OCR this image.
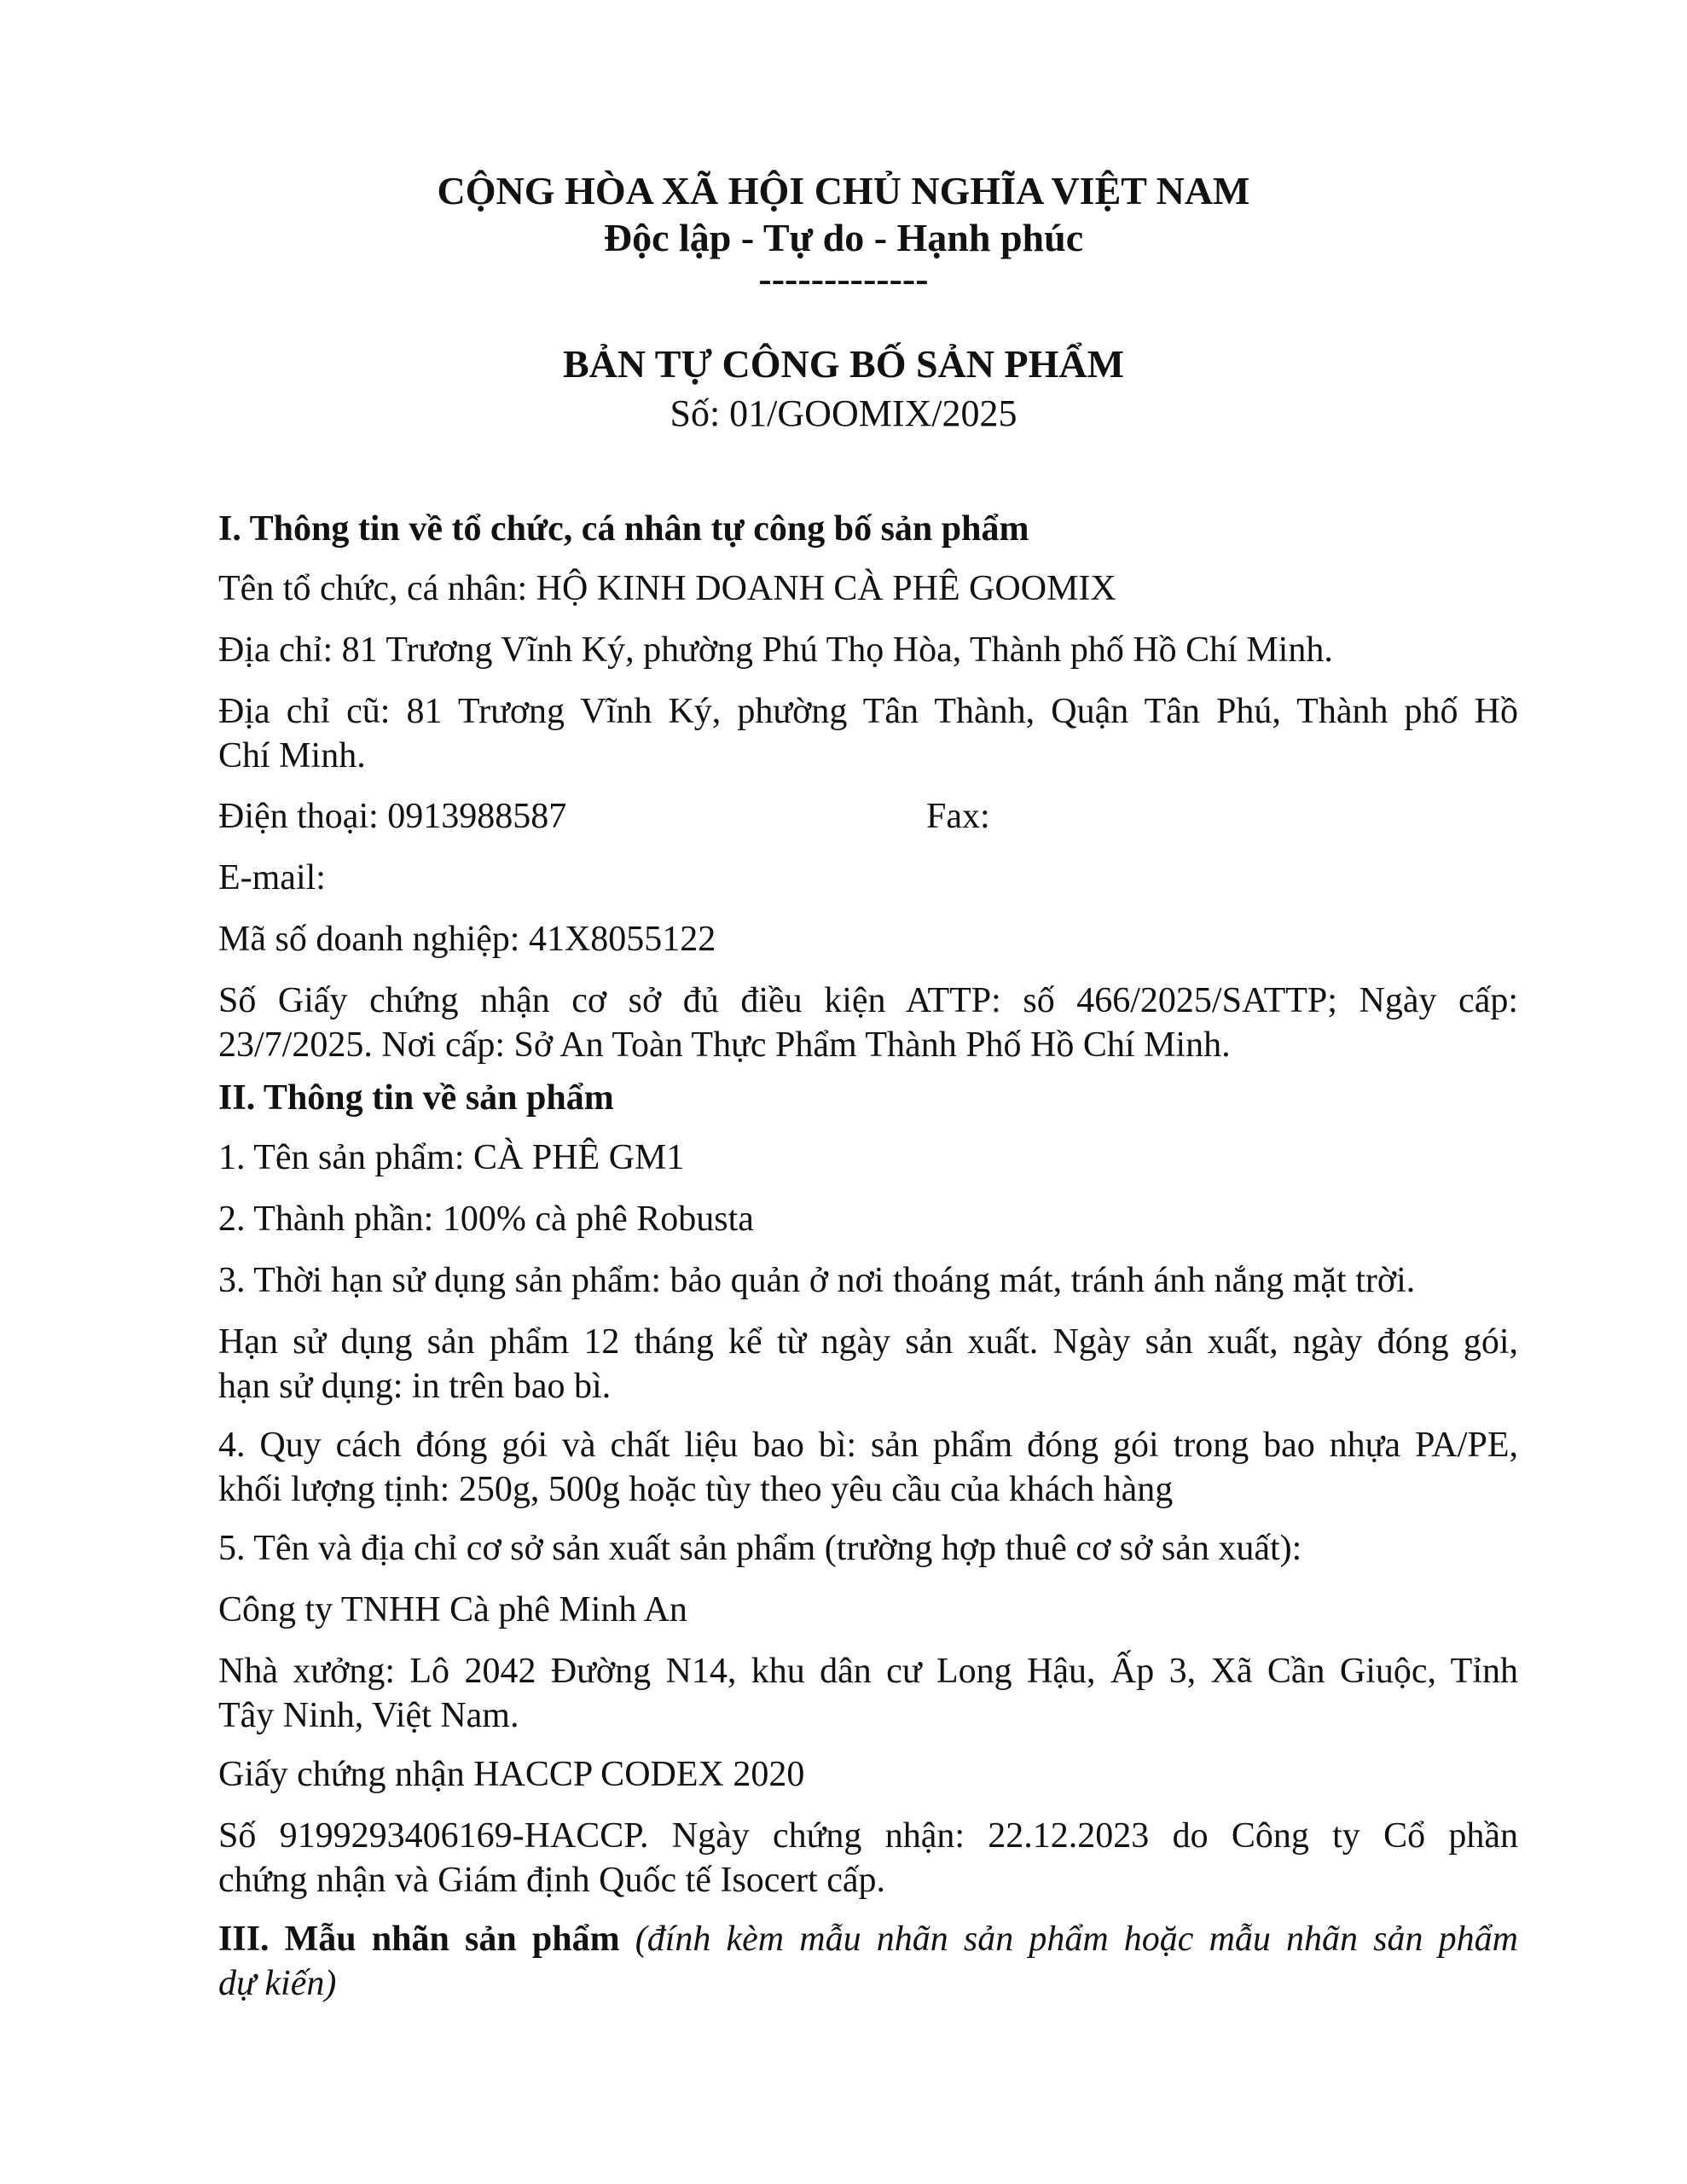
CỘNG HÒA XÃ HỘI CHỦ NGHĨA VIỆT NAM
Độc lập - Tự do - Hạnh phúc
-------------
BẢN TỰ CÔNG BỐ SẢN PHẨM
Số: 01/GOOMIX/2025
I. Thông tin về tổ chức, cá nhân tự công bố sản phẩm
Tên tổ chức, cá nhân: HỘ KINH DOANH CÀ PHÊ GOOMIX
Địa chỉ: 81 Trương Vĩnh Ký, phường Phú Thọ Hòa, Thành phố Hồ Chí Minh.
Địa chỉ cũ: 81 Trương Vĩnh Ký, phường Tân Thành, Quận Tân Phú, Thành phố Hồ
Chí Minh.
Điện thoại: 0913988587	Fax:
E-mail:
Mã số doanh nghiệp: 41X8055122
Số Giấy chứng nhận cơ sở đủ điều kiện ATTP: số 466/2025/SATTP; Ngày cấp:
23/7/2025. Nơi cấp: Sở An Toàn Thực Phẩm Thành Phố Hồ Chí Minh.
II. Thông tin về sản phẩm
1. Tên sản phẩm: CÀ PHÊ GM1
2. Thành phần: 100% cà phê Robusta
3. Thời hạn sử dụng sản phẩm: bảo quản ở nơi thoáng mát, tránh ánh nắng mặt trời.
Hạn sử dụng sản phẩm 12 tháng kể từ ngày sản xuất. Ngày sản xuất, ngày đóng gói,
hạn sử dụng: in trên bao bì.
4. Quy cách đóng gói và chất liệu bao bì: sản phẩm đóng gói trong bao nhựa PA/PE,
khối lượng tịnh: 250g, 500g hoặc tùy theo yêu cầu của khách hàng
5. Tên và địa chỉ cơ sở sản xuất sản phẩm (trường hợp thuê cơ sở sản xuất):
Công ty TNHH Cà phê Minh An
Nhà xưởng: Lô 2042 Đường N14, khu dân cư Long Hậu, Ấp 3, Xã Cần Giuộc, Tỉnh
Tây Ninh, Việt Nam.
Giấy chứng nhận HACCP CODEX 2020
Số 9199293406169-HACCP. Ngày chứng nhận: 22.12.2023 do Công ty Cổ phần
chứng nhận và Giám định Quốc tế Isocert cấp.
III. Mẫu nhãn sản phẩm (đính kèm mẫu nhãn sản phẩm hoặc mẫu nhãn sản phẩm
dự kiến)
